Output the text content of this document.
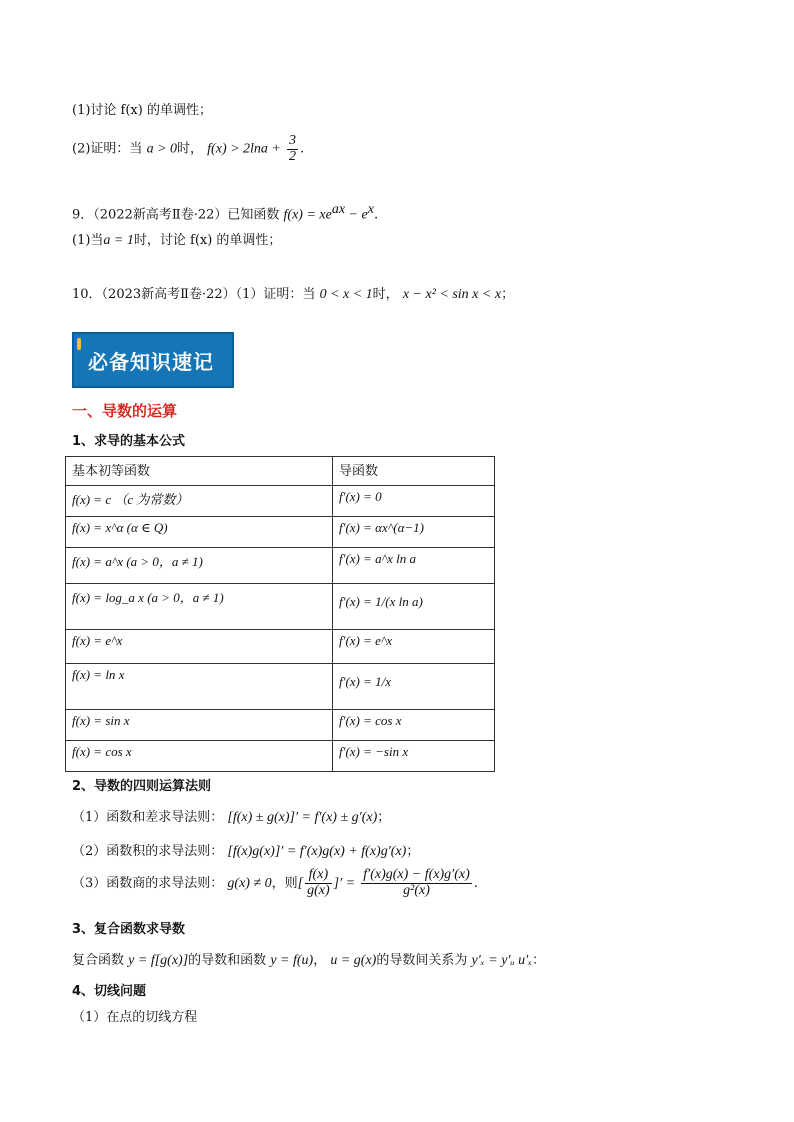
(1)讨论 f(x) 的单调性；
(2)证明：当 a > 0时， $f(x) > 2\ln a + \frac{3}{2}$ .
9．（2022新高考Ⅱ卷·22）已知函数 $f(x) = xe^{ax} - e^x$.
(1)当a = 1时，讨论 f(x) 的单调性；
10．（2023新高考Ⅱ卷·22）（1）证明：当 0 < x < 1时， x − x² < sin x < x；
必备知识速记
一、导数的运算
1、求导的基本公式
基本初等函数	导函数
f(x) = c （c 为常数）	f′(x) = 0
f(x) = x^α (α ∈ Q)	f′(x) = αx^(α−1)
f(x) = a^x (a > 0，a ≠ 1)	f′(x) = a^x ln a
f(x) = log_a x (a > 0，a ≠ 1)	f′(x) = 1/(x ln a)
f(x) = e^x	f′(x) = e^x
f(x) = ln x	f′(x) = 1/x
f(x) = sin x	f′(x) = cos x
f(x) = cos x	f′(x) = −sin x
2、导数的四则运算法则
（1）函数和差求导法则： [f(x) ± g(x)]′ = f′(x) ± g′(x)；
（2）函数积的求导法则： [f(x)g(x)]′ = f′(x)g(x) + f(x)g′(x)；
（3）函数商的求导法则： g(x) ≠ 0，则[ $\frac{f(x)}{g(x)}$ ]′ = $\frac{f'(x)g(x) - f(x)g'(x)}{\text{g²(x)}}$ .
3、复合函数求导数
复合函数 y = f[g(x)]的导数和函数 y = f(u)， u = g(x)的导数间关系为 y′ₓ = y′ᵤ u′ₓ：
4、切线问题
（1）在点的切线方程
